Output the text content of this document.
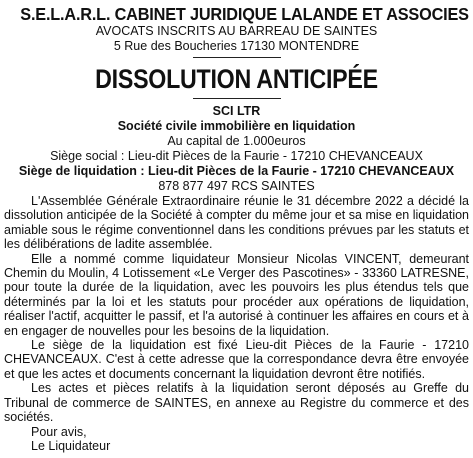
S.E.L.A.R.L. CABINET JURIDIQUE LALANDE ET ASSOCIES
AVOCATS INSCRITS AU BARREAU DE SAINTES
5 Rue des Boucheries 17130 MONTENDRE
DISSOLUTION ANTICIPÉE
SCI LTR
Société civile immobilière en liquidation
Au capital de 1.000euros
Siège social : Lieu-dit Pièces de la Faurie - 17210 CHEVANCEAUX
Siège de liquidation : Lieu-dit Pièces de la Faurie - 17210 CHEVANCEAUX
878 877 497 RCS SAINTES

L'Assemblée Générale Extraordinaire réunie le 31 décembre 2022 a décidé la dissolution anticipée de la Société à compter du même jour et sa mise en liquidation amiable sous le régime conventionnel dans les conditions prévues par les statuts et les délibérations de ladite assemblée.

Elle a nommé comme liquidateur Monsieur Nicolas VINCENT, demeurant Chemin du Moulin, 4 Lotissement «Le Verger des Pascotines» - 33360 LATRESNE, pour toute la durée de la liquidation, avec les pouvoirs les plus étendus tels que déterminés par la loi et les statuts pour procéder aux opérations de liquidation, réaliser l'actif, acquitter le passif, et l'a autorisé à continuer les affaires en cours et à en engager de nouvelles pour les besoins de la liquidation.

Le siège de la liquidation est fixé Lieu-dit Pièces de la Faurie - 17210 CHEVANCEAUX. C'est à cette adresse que la correspondance devra être envoyée et que les actes et documents concernant la liquidation devront être notifiés.

Les actes et pièces relatifs à la liquidation seront déposés au Greffe du Tribunal de commerce de SAINTES, en annexe au Registre du commerce et des sociétés.

Pour avis,

Le Liquidateur
